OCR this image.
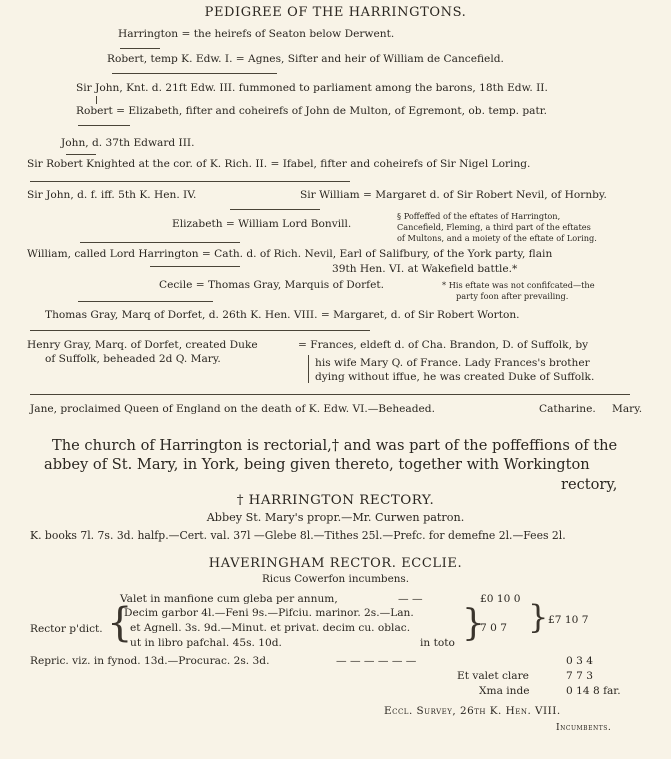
PEDIGREE OF THE HARRINGTONS.
Harrington = the heirefs of Seaton below Derwent.
Robert, temp K. Edw. I. = Agnes, Sifter and heir of William de Cancefield.
Sir John, Knt. d. 21ft Edw. III. fummoned to parliament among the barons, 18th Edw. II.
Robert = Elizabeth, fifter and coheirefs of John de Multon, of Egremont, ob. temp. patr.
John, d. 37th Edward III.
Sir Robert Knighted at the cor. of K. Rich. II. = Ifabel, fifter and coheirefs of Sir Nigel Loring.
Sir John, d. f. iff. 5th K. Hen. IV.	Sir William = Margaret d. of Sir Robert Nevil, of Hornby.
Elizabeth = William Lord Bonvill.
§ Poffeffed of the eftates of Harrington,
Cancefield, Fleming, a third part of the eftates
of Multons, and a moiety of the eftate of Loring.
William, called Lord Harrington = Cath. d. of Rich. Nevil, Earl of Salifbury, of the York party, flain
39th Hen. VI. at Wakefield battle.*
Cecile = Thomas Gray, Marquis of Dorfet.	* His eftate was not confifcated—the
party foon after prevailing.
Thomas Gray, Marq of Dorfet, d. 26th K. Hen. VIII. = Margaret, d. of Sir Robert Worton.
Henry Gray, Marq. of Dorfet, created Duke
of Suffolk, beheaded 2d Q. Mary.
= Frances, eldeft d. of Cha. Brandon, D. of Suffolk, by
his wife Mary Q. of France. Lady Frances's brother
dying without iffue, he was created Duke of Suffolk.
Jane, proclaimed Queen of England on the death of K. Edw. VI.—Beheaded.	Catharine. Mary.
The church of Harrington is rectorial,† and was part of the poffeffions of the
abbey of St. Mary, in York, being given thereto, together with Workington
rectory,
† HARRINGTON RECTORY.
Abbey St. Mary's propr.—Mr. Curwen patron.
K. books 7l. 7s. 3d. halfp.—Cert. val. 37l —Glebe 8l.—Tithes 25l.—Prefc. for demefne 2l.—Fees 2l.
HAVERINGHAM RECTOR. ECCLIE.
Ricus Cowerfon incumbens.
Valet in manfione cum gleba per annum,	— —	£0 10 0
Rector p'dict. {
Decim garbor 4l.—Feni 9s.—Pifciu. marinor. 2s.—Lan.
et Agnell. 3s. 9d.—Minut. et privat. decim cu. oblac.
ut in libro pafchal. 45s. 10d.	in toto }
7 0 7 } £7 10 7
Repric. viz. in fynod. 13d.—Procurac. 2s. 3d.	— — — — — —	0 3 4
Et valet clare	7 7 3
Xma inde	0 14 8 far.
Eccl. Survey, 26th K. Hen. VIII.
Incumbents.
